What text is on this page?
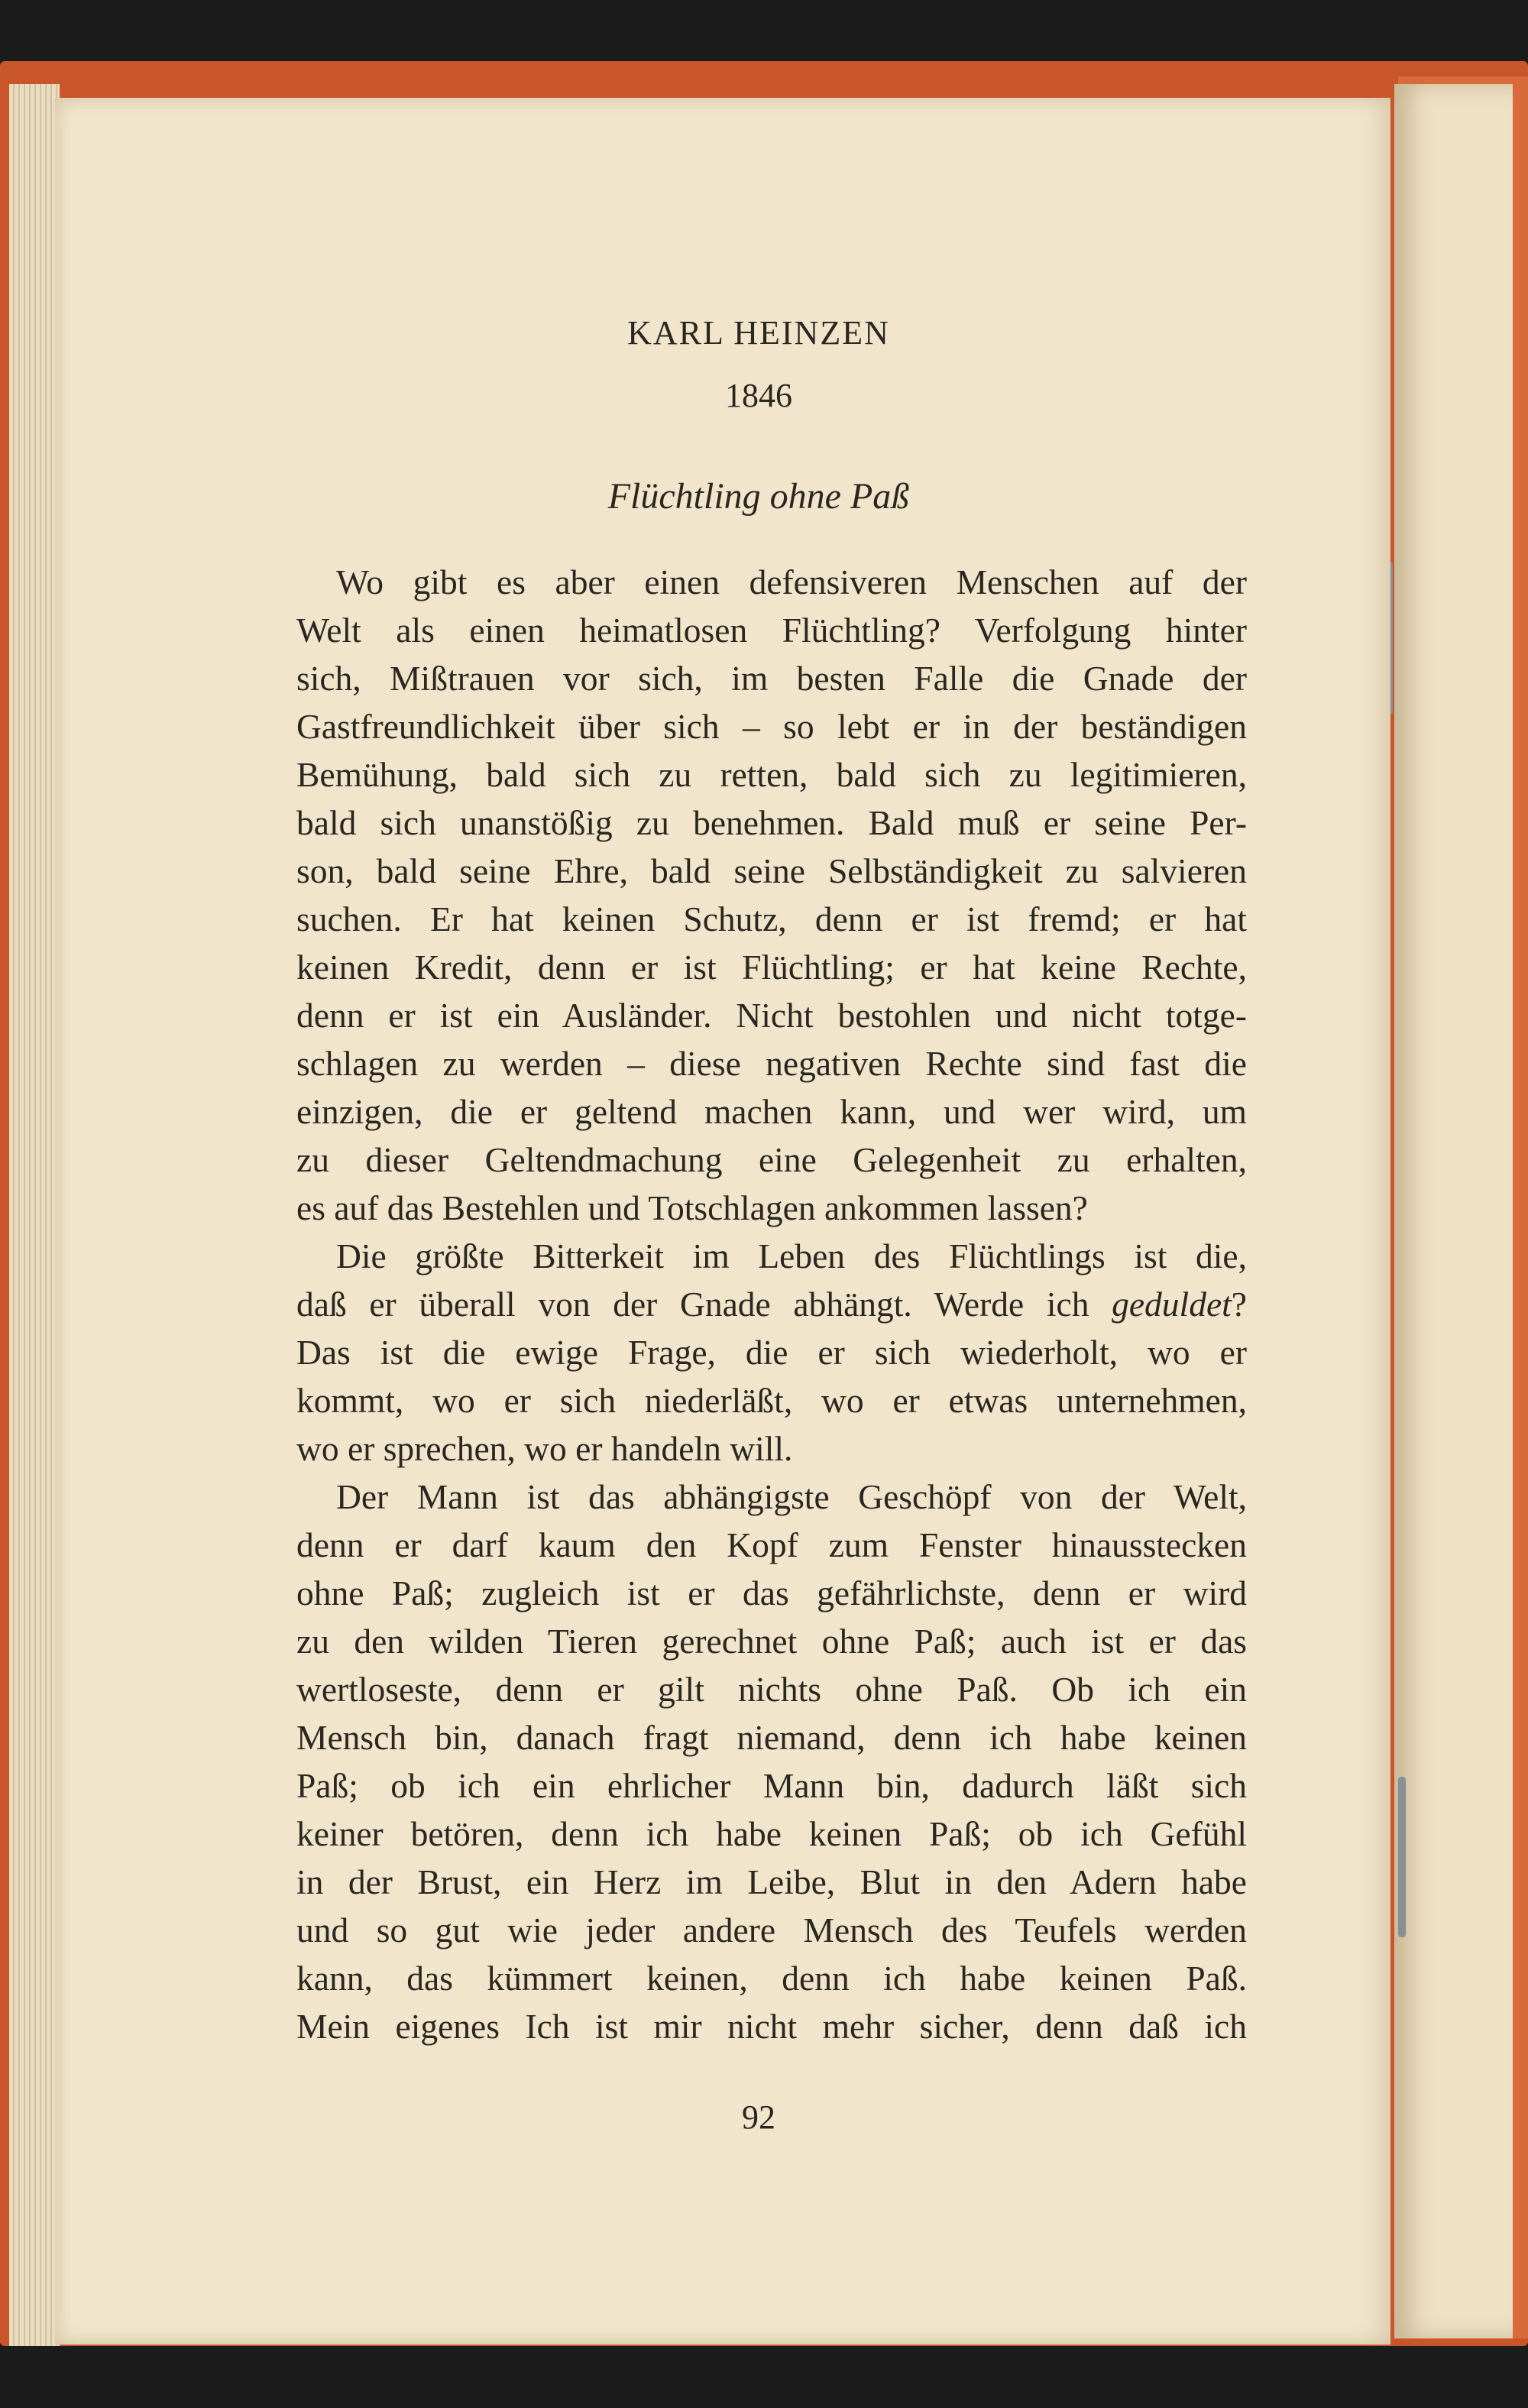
KARL HEINZEN
1846
Flüchtling ohne Paß

Wo gibt es aber einen defensiveren Menschen auf der
Welt als einen heimatlosen Flüchtling? Verfolgung hinter
sich, Mißtrauen vor sich, im besten Falle die Gnade der
Gastfreundlichkeit über sich – so lebt er in der beständigen
Bemühung, bald sich zu retten, bald sich zu legitimieren,
bald sich unanstößig zu benehmen. Bald muß er seine Per-
son, bald seine Ehre, bald seine Selbständigkeit zu salvieren
suchen. Er hat keinen Schutz, denn er ist fremd; er hat
keinen Kredit, denn er ist Flüchtling; er hat keine Rechte,
denn er ist ein Ausländer. Nicht bestohlen und nicht totge-
schlagen zu werden – diese negativen Rechte sind fast die
einzigen, die er geltend machen kann, und wer wird, um
zu dieser Geltendmachung eine Gelegenheit zu erhalten,
es auf das Bestehlen und Totschlagen ankommen lassen?

Die größte Bitterkeit im Leben des Flüchtlings ist die,
daß er überall von der Gnade abhängt. Werde ich geduldet?
Das ist die ewige Frage, die er sich wiederholt, wo er
kommt, wo er sich niederläßt, wo er etwas unternehmen,
wo er sprechen, wo er handeln will.

Der Mann ist das abhängigste Geschöpf von der Welt,
denn er darf kaum den Kopf zum Fenster hinausstecken
ohne Paß; zugleich ist er das gefährlichste, denn er wird
zu den wilden Tieren gerechnet ohne Paß; auch ist er das
wertloseste, denn er gilt nichts ohne Paß. Ob ich ein
Mensch bin, danach fragt niemand, denn ich habe keinen
Paß; ob ich ein ehrlicher Mann bin, dadurch läßt sich
keiner betören, denn ich habe keinen Paß; ob ich Gefühl
in der Brust, ein Herz im Leibe, Blut in den Adern habe
und so gut wie jeder andere Mensch des Teufels werden
kann, das kümmert keinen, denn ich habe keinen Paß.
Mein eigenes Ich ist mir nicht mehr sicher, denn daß ich

92
